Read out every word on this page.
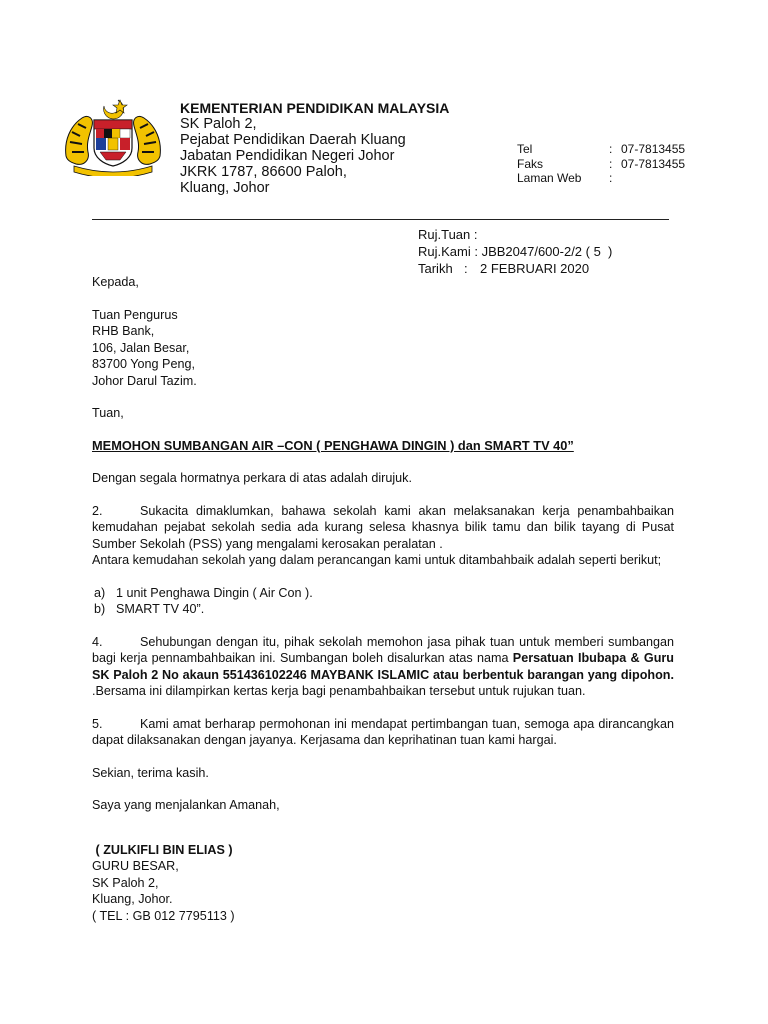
KEMENTERIAN PENDIDIKAN MALAYSIA
SK Paloh 2,
Pejabat Pendidikan Daerah Kluang
Jabatan Pendidikan Negeri Johor
JKRK 1787, 86600 Paloh,
Kluang, Johor
Tel	: 07-7813455
Faks	: 07-7813455
Laman Web	:
Ruj.Tuan :
Ruj.Kami : JBB2047/600-2/2 ( 5  )
Tarikh : 2 FEBRUARI 2020

Kepada,

Tuan Pengurus

RHB Bank,

106, Jalan Besar,

83700 Yong Peng,

Johor Darul Tazim.

Tuan,

MEMOHON SUMBANGAN AIR –CON ( PENGHAWA DINGIN ) dan SMART TV 40”

Dengan segala hormatnya perkara di atas adalah dirujuk.

2.	Sukacita dimaklumkan, bahawa sekolah kami akan melaksanakan kerja penambahbaikan kemudahan pejabat sekolah sedia ada kurang selesa khasnya bilik tamu dan bilik tayang di Pusat Sumber Sekolah (PSS) yang mengalami kerosakan peralatan .

Antara kemudahan sekolah yang dalam perancangan kami untuk ditambahbaik adalah seperti berikut;

a) 1 unit Penghawa Dingin ( Air Con ).
b) SMART TV 40”.

4.	Sehubungan dengan itu, pihak sekolah memohon jasa pihak tuan untuk memberi sumbangan bagi kerja pennambahbaikan ini. Sumbangan boleh disalurkan atas nama Persatuan Ibubapa & Guru SK Paloh 2 No akaun 551436102246 MAYBANK ISLAMIC atau berbentuk barangan yang dipohon. .Bersama ini dilampirkan kertas kerja bagi penambahbaikan tersebut untuk rujukan tuan.

5.	Kami amat berharap permohonan ini mendapat pertimbangan tuan, semoga apa dirancangkan dapat dilaksanakan dengan jayanya. Kerjasama dan keprihatinan tuan kami hargai.

Sekian, terima kasih.

Saya yang menjalankan Amanah,

( ZULKIFLI BIN ELIAS )

GURU BESAR,

SK Paloh 2,

Kluang, Johor.

( TEL : GB 012 7795113 )
